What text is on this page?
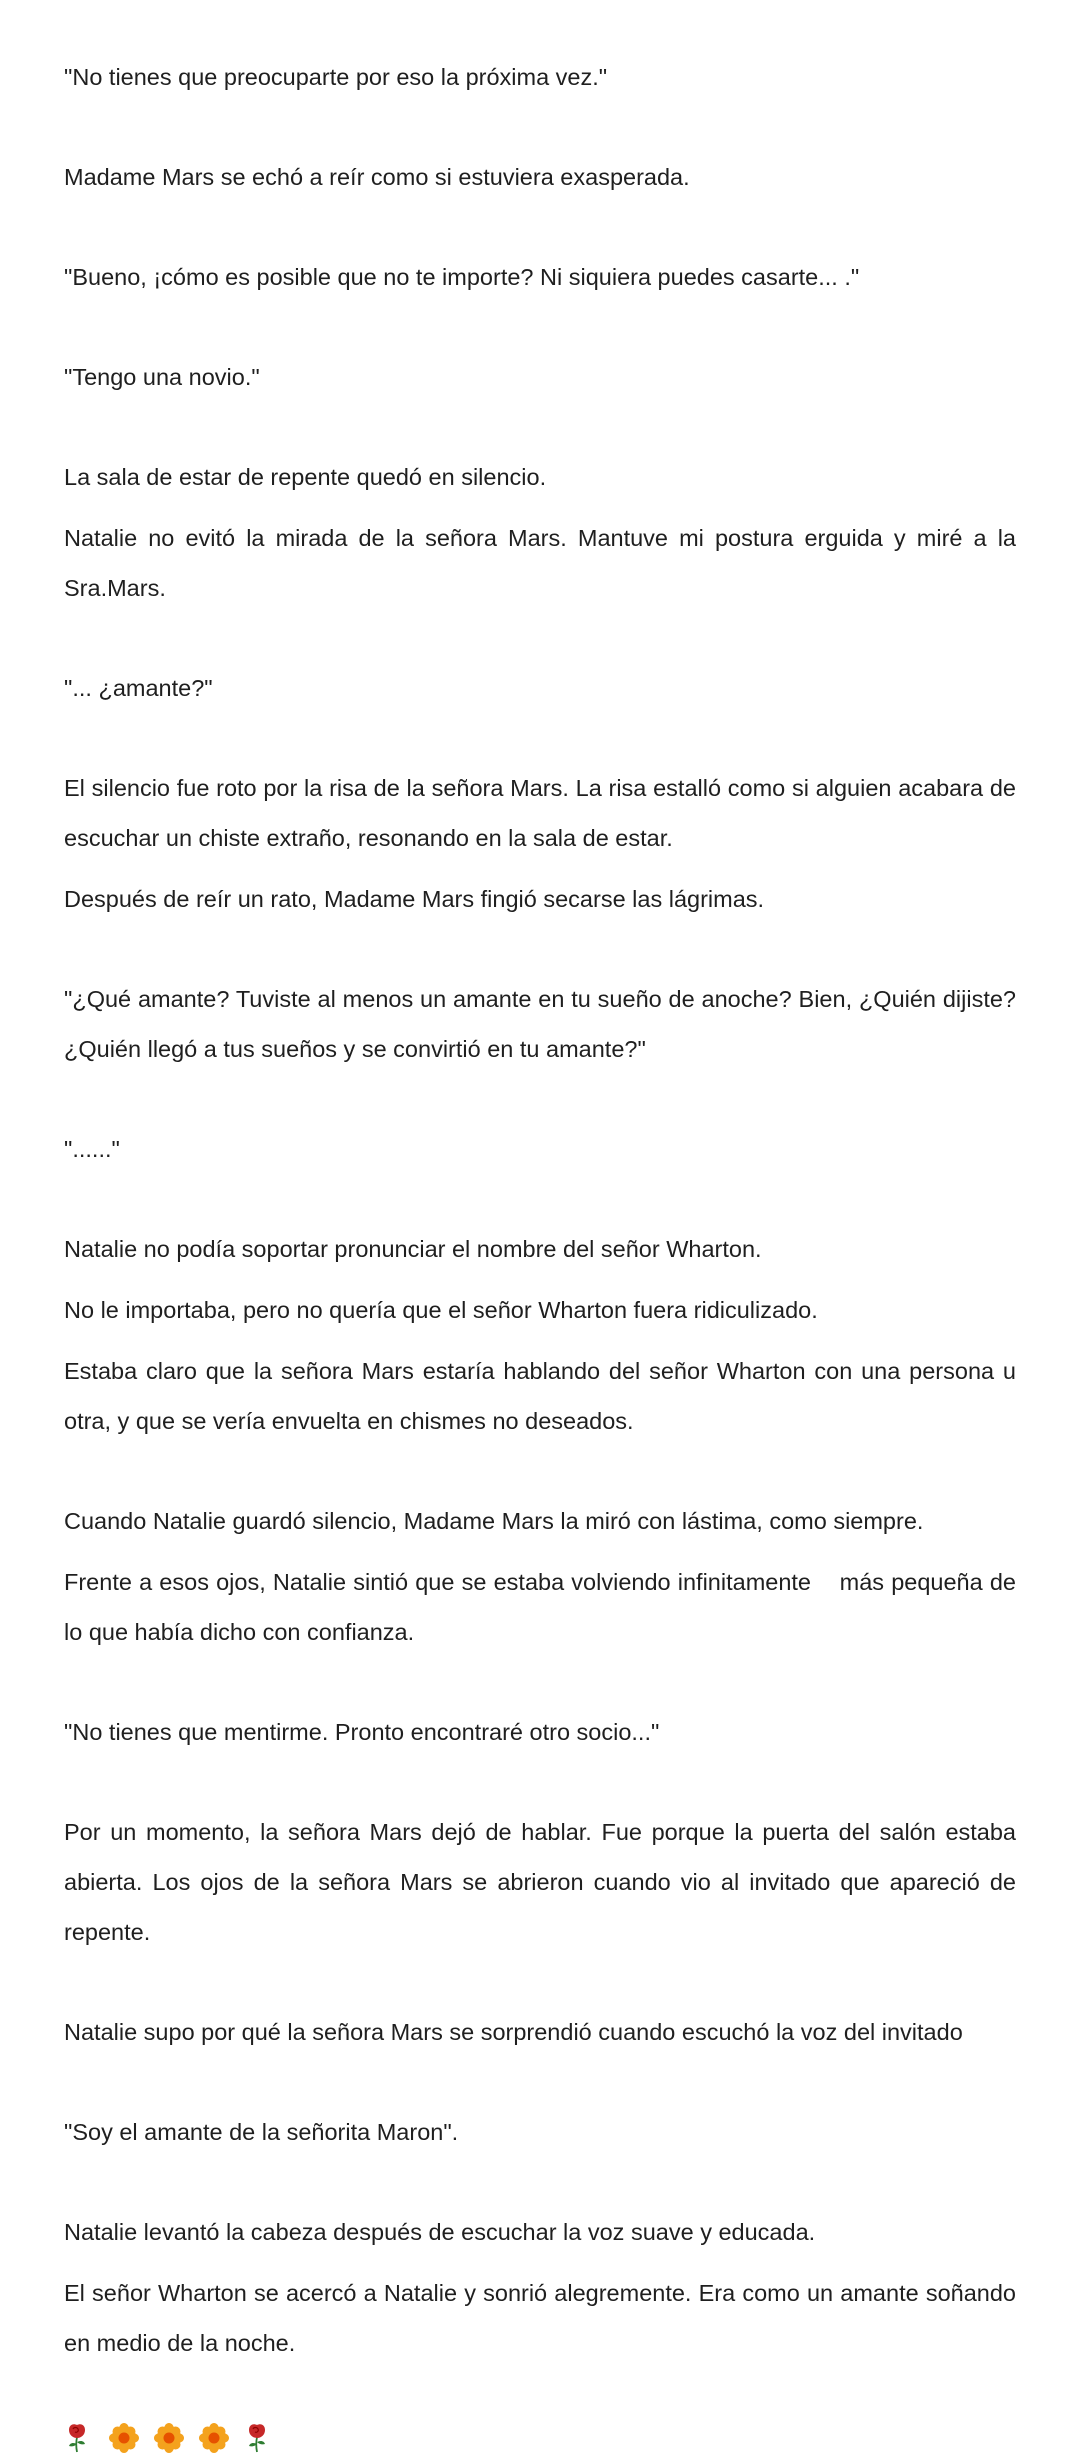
"No tienes que preocuparte por eso la próxima vez."

Madame Mars se echó a reír como si estuviera exasperada.

"Bueno, ¡cómo es posible que no te importe? Ni siquiera puedes casarte... ."

"Tengo una novio."

La sala de estar de repente quedó en silencio.

Natalie no evitó la mirada de la señora Mars. Mantuve mi postura erguida y miré a la Sra.Mars.

"... ¿amante?"

El silencio fue roto por la risa de la señora Mars. La risa estalló como si alguien acabara de escuchar un chiste extraño, resonando en la sala de estar.

Después de reír un rato, Madame Mars fingió secarse las lágrimas.

"¿Qué amante? Tuviste al menos un amante en tu sueño de anoche? Bien, ¿Quién dijiste? ¿Quién llegó a tus sueños y se convirtió en tu amante?"

"......"

Natalie no podía soportar pronunciar el nombre del señor Wharton.

No le importaba, pero no quería que el señor Wharton fuera ridiculizado.

Estaba claro que la señora Mars estaría hablando del señor Wharton con una persona u otra, y que se vería envuelta en chismes no deseados.

Cuando Natalie guardó silencio, Madame Mars la miró con lástima, como siempre.

Frente a esos ojos, Natalie sintió que se estaba volviendo infinitamente    más pequeña de lo que había dicho con confianza.

"No tienes que mentirme. Pronto encontraré otro socio..."

Por un momento, la señora Mars dejó de hablar. Fue porque la puerta del salón estaba abierta. Los ojos de la señora Mars se abrieron cuando vio al invitado que apareció de repente.

Natalie supo por qué la señora Mars se sorprendió cuando escuchó la voz del invitado

"Soy el amante de la señorita Maron".

Natalie levantó la cabeza después de escuchar la voz suave y educada.

El señor Wharton se acercó a Natalie y sonrió alegremente. Era como un amante soñando en medio de la noche.
